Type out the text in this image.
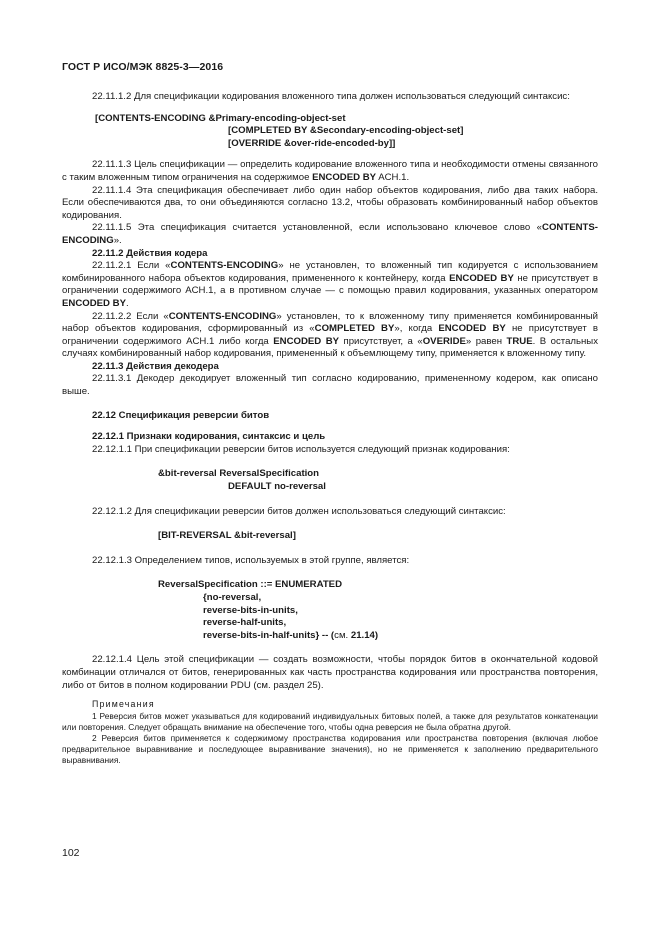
ГОСТ Р ИСО/МЭК 8825-3—2016

22.11.1.2 Для спецификации кодирования вложенного типа должен использоваться следующий синтаксис:

[CONTENTS-ENCODING &Primary-encoding-object-set
[COMPLETED BY &Secondary-encoding-object-set]
[OVERRIDE &over-ride-encoded-by]]

22.11.1.3 Цель спецификации — определить кодирование вложенного типа и необходимости отмены связанного с таким вложенным типом ограничения на содержимое ENCODED BY ACH.1.

22.11.1.4 Эта спецификация обеспечивает либо один набор объектов кодирования, либо два таких набора. Если обеспечиваются два, то они объединяются согласно 13.2, чтобы образовать комбинированный набор объектов кодирования.

22.11.1.5 Эта спецификация считается установленной, если использовано ключевое слово «CONTENTS-ENCODING».

22.11.2 Действия кодера

22.11.2.1 Если «CONTENTS-ENCODING» не установлен, то вложенный тип кодируется с использованием комбинированного набора объектов кодирования, примененного к контейнеру, когда ENCODED BY не присутствует в ограничении содержимого ACH.1, а в противном случае — с помощью правил кодирования, указанных оператором ENCODED BY.

22.11.2.2 Если «CONTENTS-ENCODING» установлен, то к вложенному типу применяется комбинированный набор объектов кодирования, сформированный из «COMPLETED BY», когда ENCODED BY не присутствует в ограничении содержимого ACH.1 либо когда ENCODED BY присутствует, а «OVERIDE» равен TRUE. В остальных случаях комбинированный набор кодирования, примененный к объемлющему типу, применяется к вложенному типу.

22.11.3 Действия декодера

22.11.3.1 Декодер декодирует вложенный тип согласно кодированию, примененному кодером, как описано выше.

22.12 Спецификация реверсии битов

22.12.1 Признаки кодирования, синтаксис и цель

22.12.1.1 При спецификации реверсии битов используется следующий признак кодирования:

&bit-reversal ReversalSpecification
DEFAULT no-reversal

22.12.1.2 Для спецификации реверсии битов должен использоваться следующий синтаксис:

[BIT-REVERSAL &bit-reversal]

22.12.1.3 Определением типов, используемых в этой группе, является:

ReversalSpecification ::= ENUMERATED
{no-reversal,
reverse-bits-in-units,
reverse-half-units,
reverse-bits-in-half-units} -- (см. 21.14)

22.12.1.4 Цель этой спецификации — создать возможности, чтобы порядок битов в окончательной кодовой комбинации отличался от битов, генерированных как часть пространства кодирования или пространства повторения, либо от битов в полном кодировании PDU (см. раздел 25).

Примечания

1 Реверсия битов может указываться для кодирований индивидуальных битовых полей, а также для результатов конкатенации или повторения. Следует обращать внимание на обеспечение того, чтобы одна реверсия не была обратна другой.

2 Реверсия битов применяется к содержимому пространства кодирования или пространства повторения (включая любое предварительное выравнивание и последующее выравнивание значения), но не применяется к заполнению предварительного выравнивания.

102
